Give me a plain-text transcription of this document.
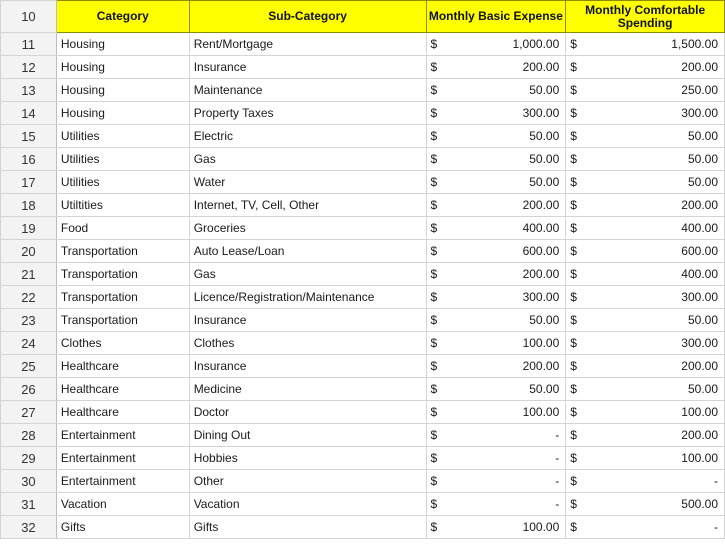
10	Category	Sub-Category	Monthly Basic Expense	Monthly Comfortable Spending
11	Housing	Rent/Mortgage	$ 1,000.00	$ 1,500.00

12	Housing	Insurance	$ 200.00	$ 200.00

13	Housing	Maintenance	$ 50.00	$ 250.00

14	Housing	Property Taxes	$ 300.00	$ 300.00

15	Utilities	Electric	$ 50.00	$ 50.00

16	Utilities	Gas	$ 50.00	$ 50.00

17	Utilities	Water	$ 50.00	$ 50.00

18	Utiltities	Internet, TV, Cell, Other	$ 200.00	$ 200.00

19	Food	Groceries	$ 400.00	$ 400.00

20	Transportation	Auto Lease/Loan	$ 600.00	$ 600.00

21	Transportation	Gas	$ 200.00	$ 400.00

22	Transportation	Licence/Registration/Maintenance	$ 300.00	$ 300.00

23	Transportation	Insurance	$ 50.00	$ 50.00

24	Clothes	Clothes	$ 100.00	$ 300.00

25	Healthcare	Insurance	$ 200.00	$ 200.00

26	Healthcare	Medicine	$ 50.00	$ 50.00

27	Healthcare	Doctor	$ 100.00	$ 100.00

28	Entertainment	Dining Out	$ -	$ 200.00

29	Entertainment	Hobbies	$ -	$ 100.00

30	Entertainment	Other	$ -	$ -

31	Vacation	Vacation	$ -	$ 500.00

32	Gifts	Gifts	$ 100.00	$ -
